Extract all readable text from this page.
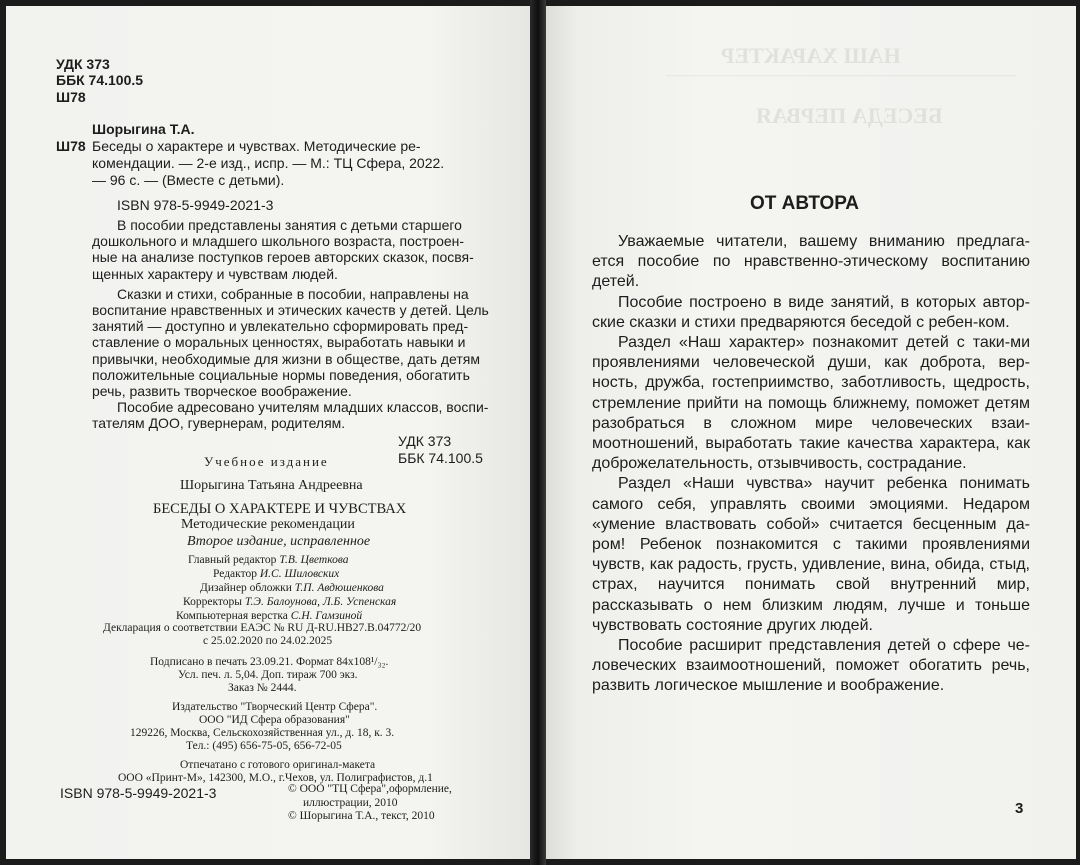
НАШ ХАРАКТЕР
БЕСЕДА ПЕРВАЯ
—————————————————————————
УДК 373
ББК 74.100.5
Ш78
Шорыгина Т.А.
Ш78 Беседы о характере и чувствах. Методические ре-
комендации. — 2-е изд., испр. — М.: ТЦ Сфера, 2022.
— 96 с. — (Вместе с детьми).
ISBN 978-5-9949-2021-3
В пособии представлены занятия с детьми старшего
дошкольного и младшего школьного возраста, построен-
ные на анализе поступков героев авторских сказок, посвя-
щенных характеру и чувствам людей.
Сказки и стихи, собранные в пособии, направлены на
воспитание нравственных и этических качеств у детей. Цель
занятий — доступно и увлекательно сформировать пред-
ставление о моральных ценностях, выработать навыки и
привычки, необходимые для жизни в обществе, дать детям
положительные социальные нормы поведения, обогатить
речь, развить творческое воображение.
Пособие адресовано учителям младших классов, воспи-
тателям ДОО, гувернерам, родителям.
УДК 373
ББК 74.100.5
Учебное издание
Шорыгина Татьяна Андреевна
БЕСЕДЫ О ХАРАКТЕРЕ И ЧУВСТВАХ
Методические рекомендации
Второе издание, исправленное
Главный редактор Т.В. Цветкова
Редактор И.С. Шиловских
Дизайнер обложки Т.П. Авдюшенкова
Корректоры Т.Э. Балоунова, Л.Б. Успенская
Компьютерная верстка С.Н. Гамзиной
Декларация о соответствии ЕАЭС № RU Д-RU.НВ27.В.04772/20
с 25.02.2020 по 24.02.2025
Подписано в печать 23.09.21. Формат 84x108¹/₃₂.
Усл. печ. л. 5,04. Доп. тираж 700 экз.
Заказ № 2444.
Издательство "Творческий Центр Сфера".
ООО "ИД Сфера образования"
129226, Москва, Сельскохозяйственная ул., д. 18, к. 3.
Тел.: (495) 656-75-05, 656-72-05
Отпечатано с готового оригинал-макета
ООО «Принт-М», 142300, М.О., г.Чехов, ул. Полиграфистов, д.1
ISBN 978-5-9949-2021-3	© ООО "ТЦ Сфера",оформление,
иллюстрации, 2010
© Шорыгина Т.А., текст, 2010
ОТ АВТОРА

Уважаемые читатели, вашему вниманию предлага-ется пособие по нравственно-этическому воспитанию детей.

Пособие построено в виде занятий, в которых автор-ские сказки и стихи предваряются беседой с ребен-ком.

Раздел «Наш характер» познакомит детей с таки-ми проявлениями человеческой души, как доброта, вер-ность, дружба, гостеприимство, заботливость, щедрость, стремление прийти на помощь ближнему, поможет детям разобраться в сложном мире человеческих взаи-моотношений, выработать такие качества характера, как доброжелательность, отзывчивость, сострадание.

Раздел «Наши чувства» научит ребенка понимать самого себя, управлять своими эмоциями. Недаром «умение властвовать собой» считается бесценным да-ром! Ребенок познакомится с такими проявлениями чувств, как радость, грусть, удивление, вина, обида, стыд, страх, научится понимать свой внутренний мир, рассказывать о нем близким людям, лучше и тоньше чувствовать состояние других людей.

Пособие расширит представления детей о сфере че-ловеческих взаимоотношений, поможет обогатить речь, развить логическое мышление и воображение.

3
